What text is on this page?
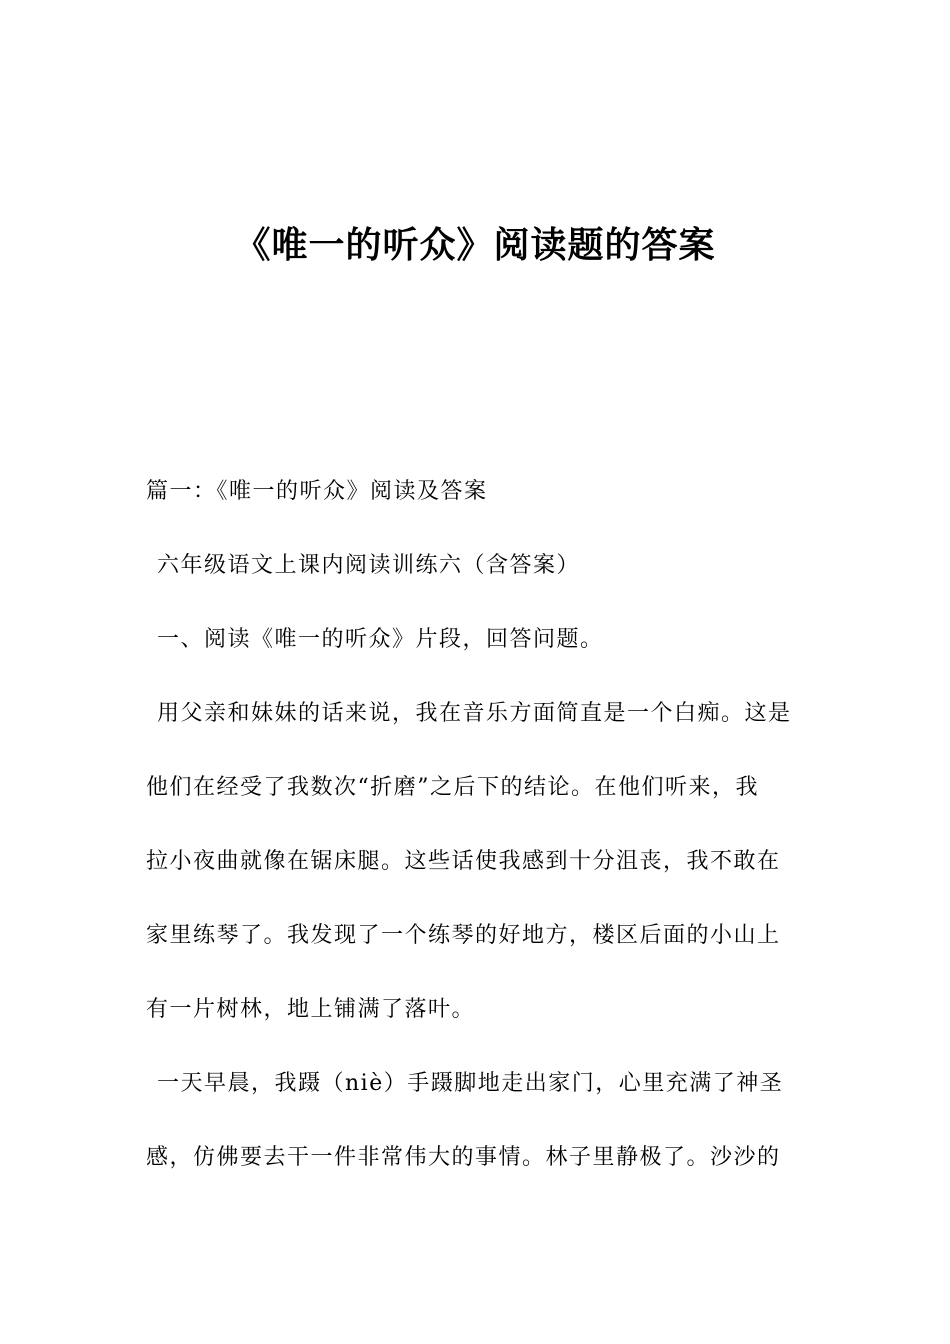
《唯一的听众》阅读题的答案
篇一：《唯一的听众》阅读及答案
六年级语文上课内阅读训练六（含答案）
一、阅读《唯一的听众》片段，回答问题。
用父亲和妹妹的话来说，我在音乐方面简直是一个白痴。这是
他们在经受了我数次“折磨”之后下的结论。在他们听来，我
拉小夜曲就像在锯床腿。这些话使我感到十分沮丧，我不敢在
家里练琴了。我发现了一个练琴的好地方，楼区后面的小山上
有一片树林，地上铺满了落叶。
一天早晨，我蹑（niè）手蹑脚地走出家门，心里充满了神圣
感，仿佛要去干一件非常伟大的事情。林子里静极了。沙沙的
